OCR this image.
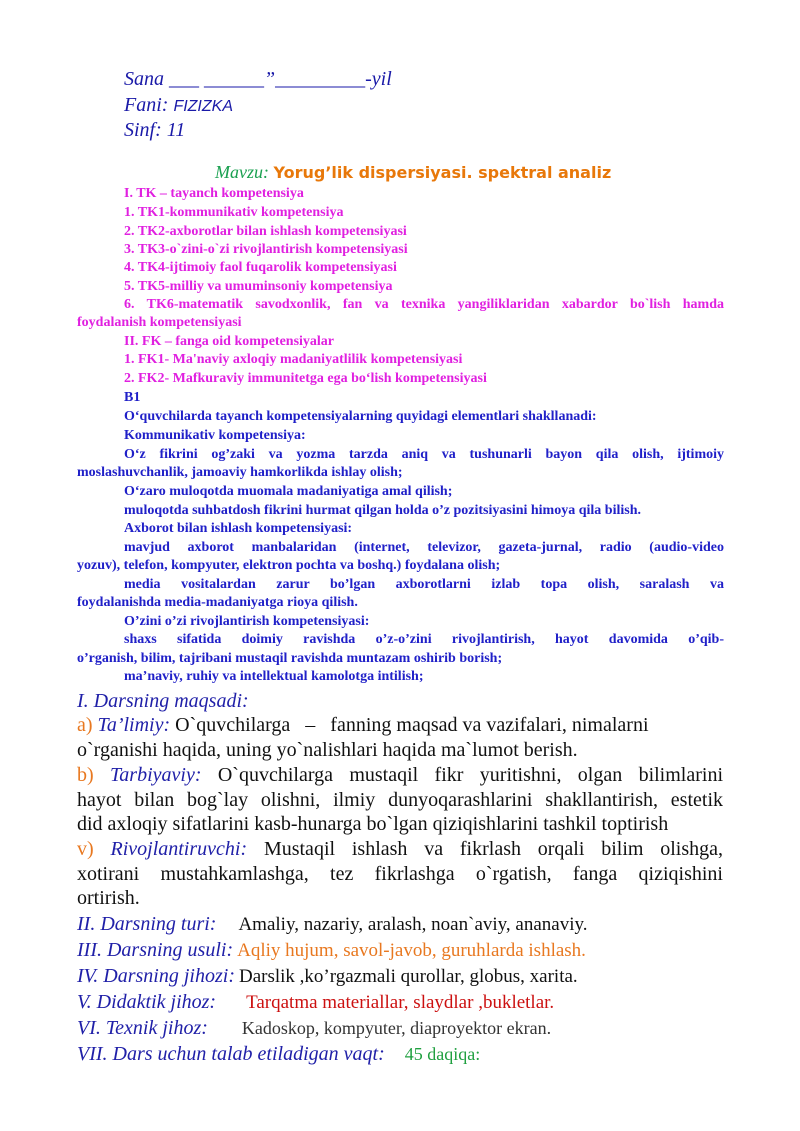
Sana ___ ______”_________-yil
Fani: FIZIZKA
Sinf: 11
Mavzu: Yorug’lik dispersiyasi. spektral analiz
I. TK – tayanch kompetensiya
1. TK1-kommunikativ kompetensiya
2. TK2-axborotlar bilan ishlash kompetensiyasi
3. TK3-o`zini-o`zi rivojlantirish kompetensiyasi
4. TK4-ijtimoiy faol fuqarolik kompetensiyasi
5. TK5-milliy va umuminsoniy kompetensiya
6. TK6-matematik savodxonlik, fan va texnika yangiliklaridan xabardor bo`lish hamda
foydalanish kompetensiyasi
II. FK – fanga oid kompetensiyalar
1. FK1- Ma'naviy axloqiy madaniyatlilik kompetensiyasi
2. FK2- Mafkuraviy immunitetga ega bo‘lish kompetensiyasi
B1
O‘quvchilarda tayanch kompetensiyalarning quyidagi elementlari shakllanadi:
Kommunikativ kompetensiya:
O‘z fikrini og’zaki va yozma tarzda aniq va tushunarli bayon qila olish, ijtimoiy
moslashuvchanlik, jamoaviy hamkorlikda ishlay olish;
O‘zaro muloqotda muomala madaniyatiga amal qilish;
muloqotda suhbatdosh fikrini hurmat qilgan holda o’z pozitsiyasini himoya qila bilish.
Axborot bilan ishlash kompetensiyasi:
mavjud axborot manbalaridan (internet, televizor, gazeta-jurnal, radio (audio-video
yozuv), telefon, kompyuter, elektron pochta va boshq.) foydalana olish;
media vositalardan zarur bo’lgan axborotlarni izlab topa olish, saralash va
foydalanishda media-madaniyatga rioya qilish.
O’zini o’zi rivojlantirish kompetensiyasi:
shaxs sifatida doimiy ravishda o’z-o’zini rivojlantirish, hayot davomida o’qib-
o’rganish, bilim, tajribani mustaqil ravishda muntazam oshirib borish;
ma’naviy, ruhiy va intellektual kamolotga intilish;
I. Darsning maqsadi:
a) Ta’limiy: O`quvchilarga   –   fanning maqsad va vazifalari, nimalarni
o`rganishi haqida, uning yo`nalishlari haqida ma`lumot berish.
b) Tarbiyaviy: O`quvchilarga mustaqil fikr yuritishni, olgan bilimlarini
hayot bilan bog`lay olishni, ilmiy dunyoqarashlarini shakllantirish, estetik
did axloqiy sifatlarini kasb-hunarga bo`lgan qiziqishlarini tashkil toptirish
v) Rivojlantiruvchi: Mustaqil ishlash va fikrlash orqali bilim olishga,
xotirani mustahkamlashga, tez fikrlashga o`rgatish, fanga qiziqishini
ortirish.
II. Darsning turi: Amaliy, nazariy, aralash, noan`aviy, ananaviy.
III. Darsning usuli: Aqliy hujum, savol-javob, guruhlarda ishlash.
IV. Darsning jihozi: Darslik ,ko’rgazmali qurollar, globus, xarita.
V. Didaktik jihoz: Tarqatma materiallar, slaydlar ,bukletlar.
VI. Texnik jihoz: Kadoskop, kompyuter, diaproyektor ekran.
VII. Dars uchun talab etiladigan vaqt: 45 daqiqa:
